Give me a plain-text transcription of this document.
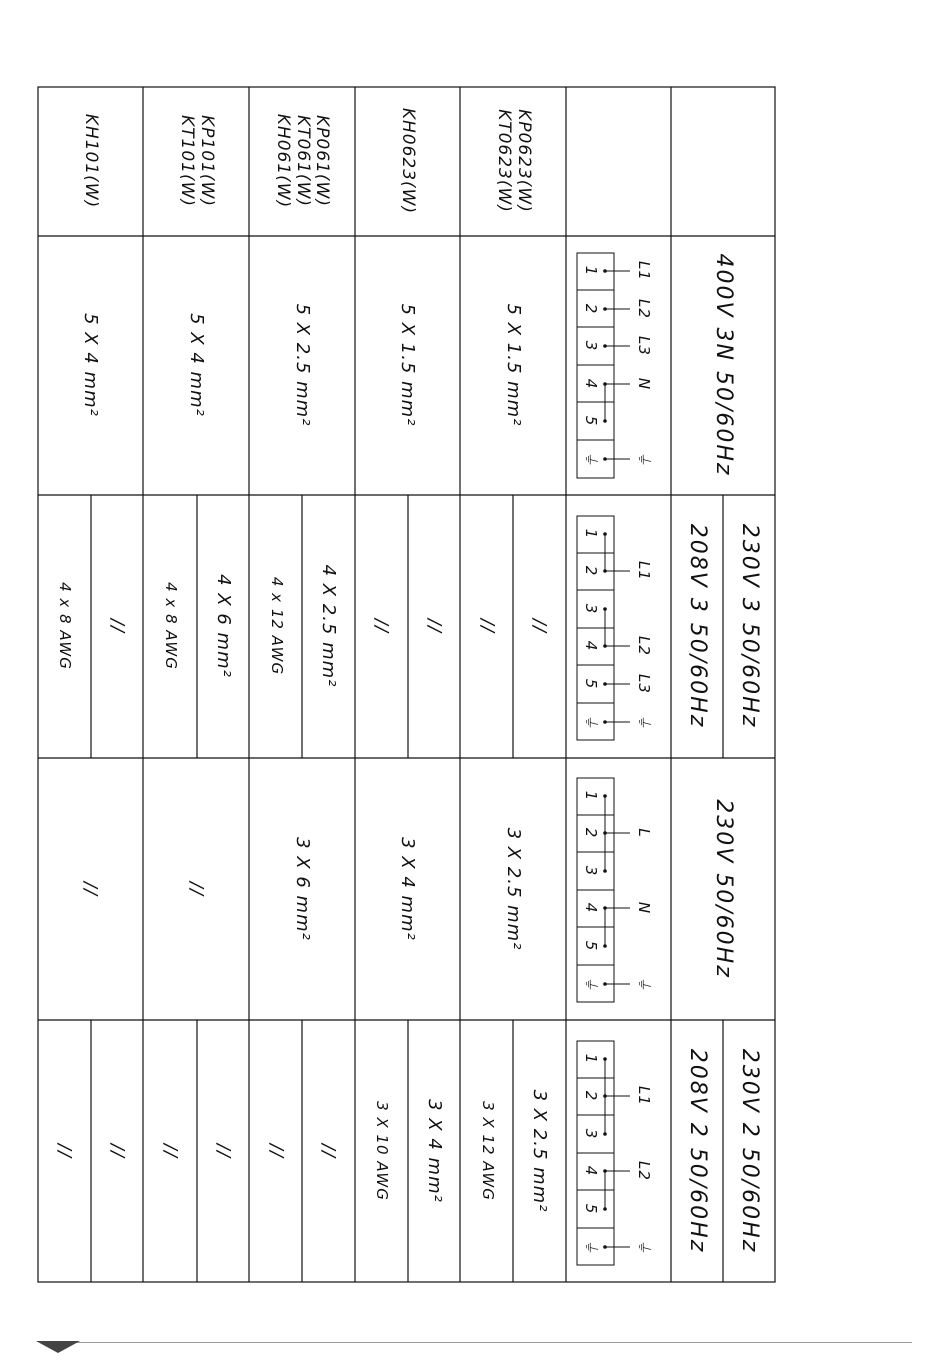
400V 3N 50/60Hz
230V 3 50/60Hz
208V 3 50/60Hz
230V 50/60Hz
230V 2 50/60Hz
208V 2 50/60Hz
L1
L2
L3
N
⏚
L1
L2
L3
⏚
L
N
⏚
L1
L2
⏚
1
2
3
4
5
⏚
1
2
3
4
5
⏚
1
2
3
4
5
⏚
1
2
3
4
5
⏚
KP0623(W)
KT0623(W)
5 X 1.5 mm²
//
//
3 X 2.5 mm²
3 X 2.5 mm²
3 X 12 AWG
KH0623(W)
5 X 1.5 mm²
//
//
3 X 4 mm²
3 X 4 mm²
3 X 10 AWG
KP061(W)
KT061(W)
KH061(W)
5 X 2.5 mm²
4 X 2.5 mm²
4 x 12 AWG
3 X 6 mm²
//
//
KP101(W)
KT101(W)
5 X 4 mm²
4 X 6 mm²
4 x 8 AWG
//
//
//
KH101(W)
5 X 4 mm²
//
4 x 8 AWG
//
//
//
